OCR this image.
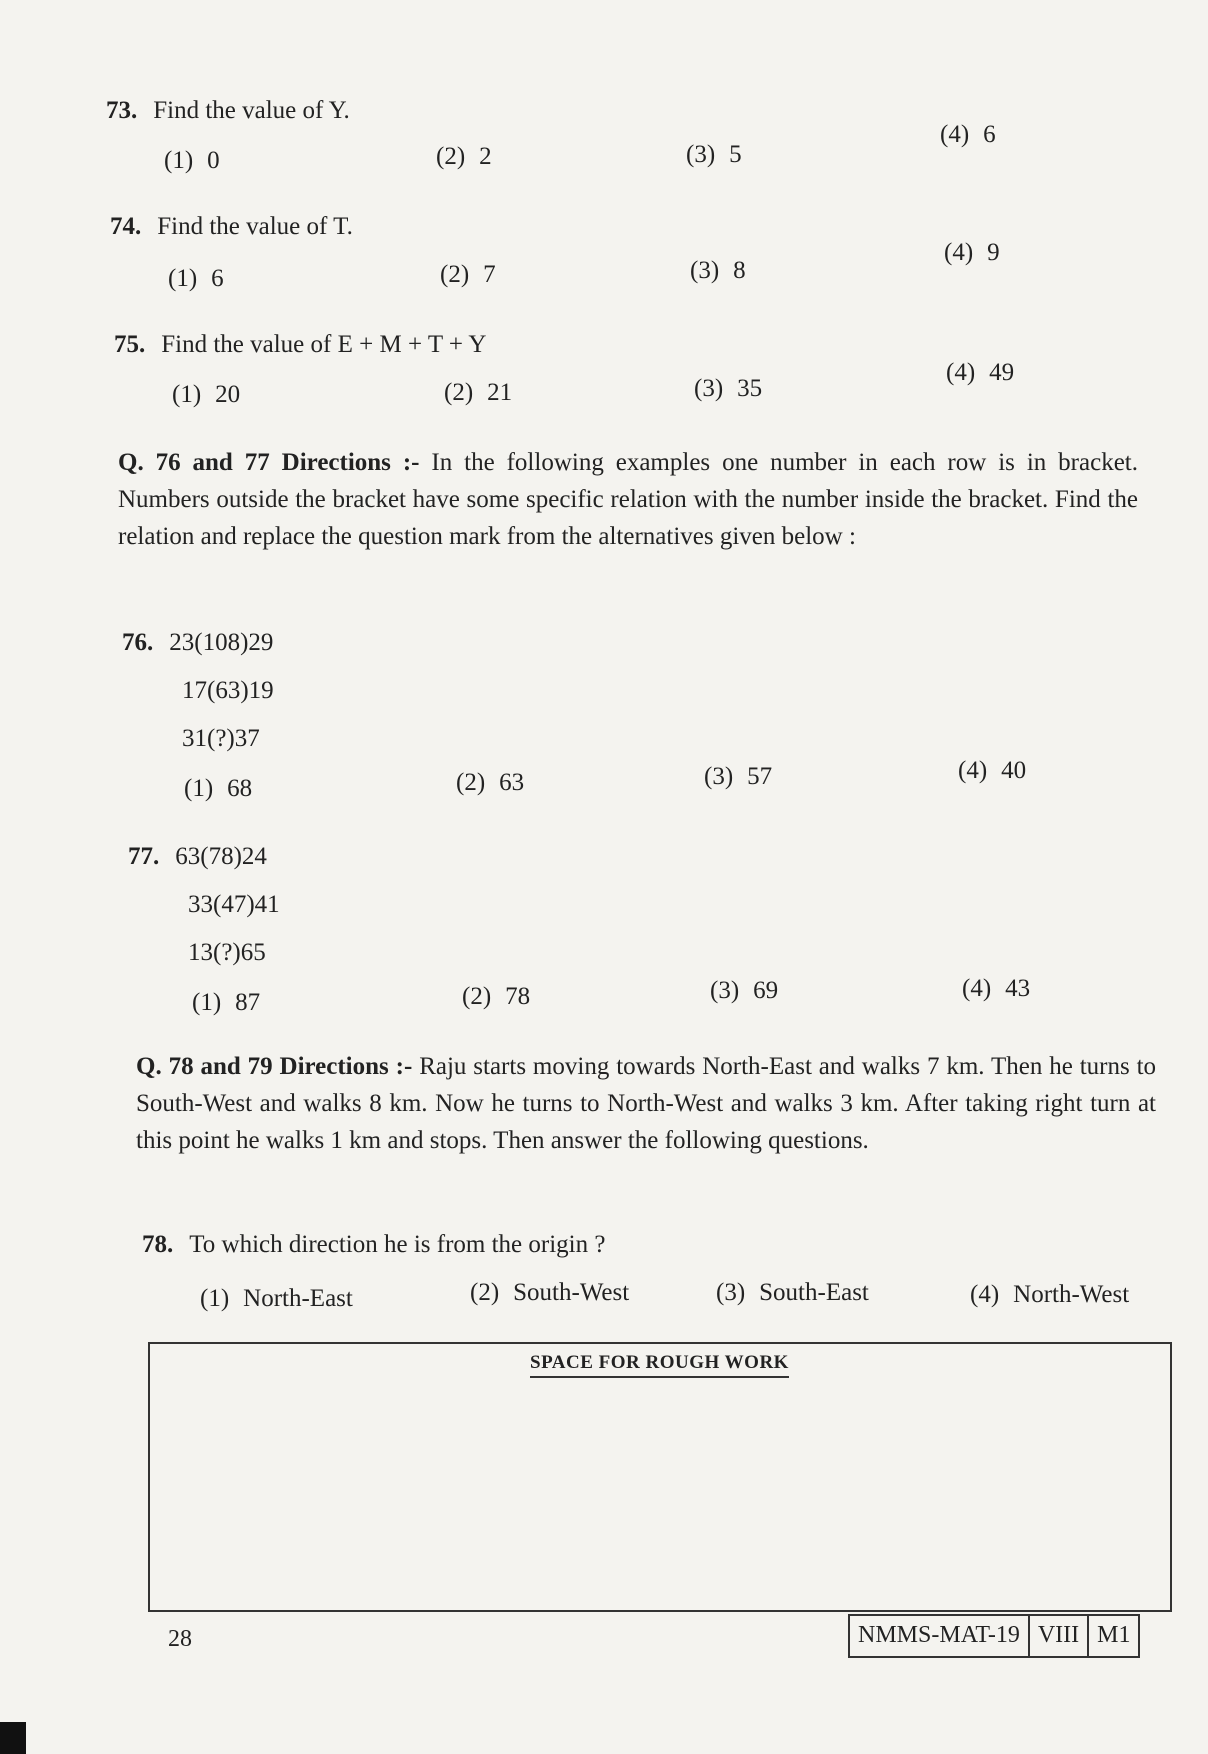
73. Find the value of Y.
(1) 0	(2) 2	(3) 5
(4) 6
74. Find the value of T.
(1) 6	(2) 7	(3) 8
(4) 9
75. Find the value of E + M + T + Y
(1) 20	(2) 21	(3) 35
(4) 49
Q. 76 and 77 Directions :- In the following examples one number in each row is in bracket. Numbers outside the bracket have some specific relation with the number inside the bracket. Find the relation and replace the question mark from the alternatives given below :
76. 23(108)29
17(63)19
31(?)37
(1) 68	(2) 63	(3) 57	(4) 40
77. 63(78)24
33(47)41
13(?)65
(1) 87	(2) 78	(3) 69	(4) 43
Q. 78 and 79 Directions :- Raju starts moving towards North-East and walks 7 km. Then he turns to South-West and walks 8 km. Now he turns to North-West and walks 3 km. After taking right turn at this point he walks 1 km and stops. Then answer the following questions.
78. To which direction he is from the origin ?
(1) North-East	(2) South-West	(3) South-East	(4) North-West
SPACE FOR ROUGH WORK
28	NMMS-MAT-19 VIII M1
